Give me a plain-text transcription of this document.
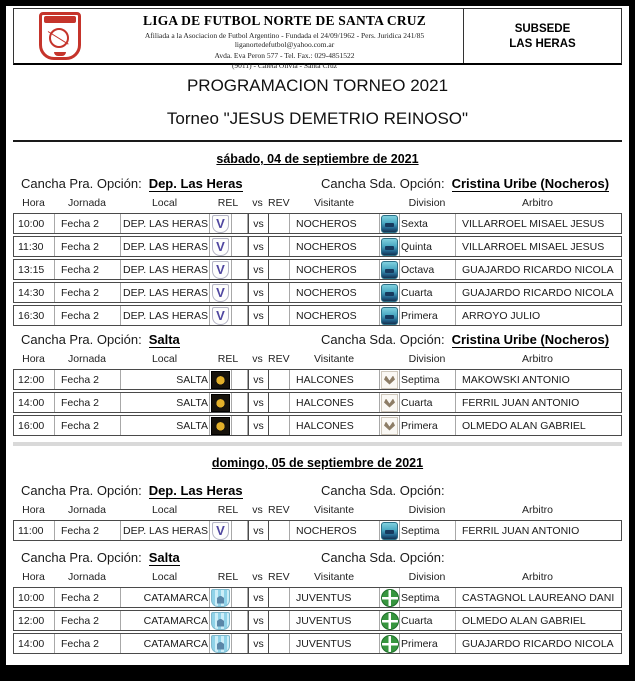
LIGA DE FUTBOL NORTE DE SANTA CRUZ
Afiliada a la Asociacion de Futbol Argentino - Fundada el 24/09/1962 - Pers. Juridica 241/85
liganortedefutbol@yahoo.com.ar
Avda. Eva Peron 577 - Tel. Fax.: 029-4851522
(9011) - Caleta Olivia - Santa Cruz
SUBSEDE
LAS HERAS
PROGRAMACION TORNEO 2021
Torneo "JESUS DEMETRIO REINOSO"
sábado, 04 de septiembre de 2021
Cancha Pra. Opción: Dep. Las Heras	Cancha Sda. Opción: Cristina Uribe (Nocheros)
Hora	Jornada	Local	REL	vs REV	Visitante	Division	Arbitro
10:00	Fecha 2	DEP. LAS HERAS V	vs	NOCHEROS	Sexta	VILLARROEL MISAEL JESUS
11:30	Fecha 2	DEP. LAS HERAS V	vs	NOCHEROS	Quinta	VILLARROEL MISAEL JESUS
13:15	Fecha 2	DEP. LAS HERAS V	vs	NOCHEROS	Octava	GUAJARDO RICARDO NICOLA
14:30	Fecha 2	DEP. LAS HERAS V	vs	NOCHEROS	Cuarta	GUAJARDO RICARDO NICOLA
16:30	Fecha 2	DEP. LAS HERAS V	vs	NOCHEROS	Primera	ARROYO JULIO
Cancha Pra. Opción: Salta	Cancha Sda. Opción: Cristina Uribe (Nocheros)
Hora	Jornada	Local	REL	vs REV	Visitante	Division	Arbitro
12:00	Fecha 2	SALTA	vs	HALCONES	Septima	MAKOWSKI ANTONIO
14:00	Fecha 2	SALTA	vs	HALCONES	Cuarta	FERRIL JUAN ANTONIO
16:00	Fecha 2	SALTA	vs	HALCONES	Primera	OLMEDO ALAN GABRIEL
domingo, 05 de septiembre de 2021
Cancha Pra. Opción: Dep. Las Heras	Cancha Sda. Opción:
Hora	Jornada	Local	REL	vs REV	Visitante	Division	Arbitro
11:00	Fecha 2	DEP. LAS HERAS V	vs	NOCHEROS	Septima	FERRIL JUAN ANTONIO
Cancha Pra. Opción: Salta	Cancha Sda. Opción:
Hora	Jornada	Local	REL	vs REV	Visitante	Division	Arbitro
10:00	Fecha 2	CATAMARCA	vs	JUVENTUS	Septima	CASTAGNOL LAUREANO DANI
12:00	Fecha 2	CATAMARCA	vs	JUVENTUS	Cuarta	OLMEDO ALAN GABRIEL
14:00	Fecha 2	CATAMARCA	vs	JUVENTUS	Primera	GUAJARDO RICARDO NICOLA
